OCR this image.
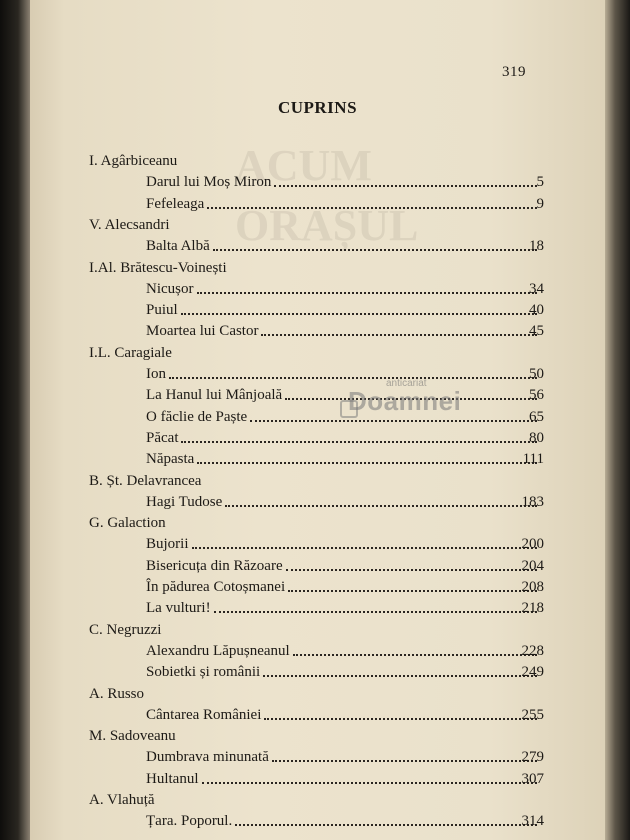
ACUM
ORAȘUL
319
CUPRINS
I. Agârbiceanu
Darul lui Moș Miron	5
Fefeleaga	9
V. Alecsandri
Balta Albă	18
I.Al. Brătescu-Voinești
Nicușor	34
Puiul	40
Moartea lui Castor	45
I.L. Caragiale
Ion	50
La Hanul lui Mânjoală	56
O făclie de Paște	65
Păcat	80
Năpasta	111
B. Șt. Delavrancea
Hagi Tudose	183
G. Galaction
Bujorii	200
Bisericuța din Răzoare	204
În pădurea Cotoșmanei	208
La vulturi!	218
C. Negruzzi
Alexandru Lăpușneanul	228
Sobietki și românii	249
A. Russo
Cântarea României	255
M. Sadoveanu
Dumbrava minunată	279
Hultanul	307
A. Vlahuță
Țara. Poporul.	314
anticariat
Doamnei
